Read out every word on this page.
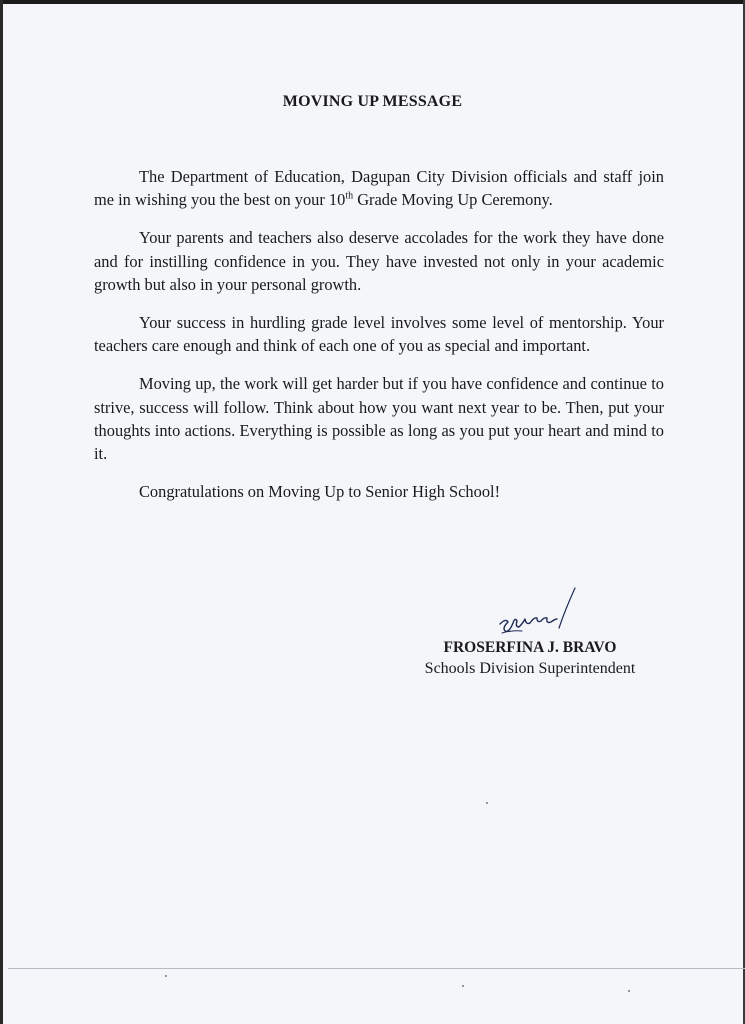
MOVING UP MESSAGE

The Department of Education, Dagupan City Division officials and staff join me in wishing you the best on your 10th Grade Moving Up Ceremony.

Your parents and teachers also deserve accolades for the work they have done and for instilling confidence in you. They have invested not only in your academic growth but also in your personal growth.

Your success in hurdling grade level involves some level of mentorship. Your teachers care enough and think of each one of you as special and important.

Moving up, the work will get harder but if you have confidence and continue to strive, success will follow. Think about how you want next year to be. Then, put your thoughts into actions. Everything is possible as long as you put your heart and mind to it.

Congratulations on Moving Up to Senior High School!

FROSERFINA J. BRAVO
Schools Division Superintendent
